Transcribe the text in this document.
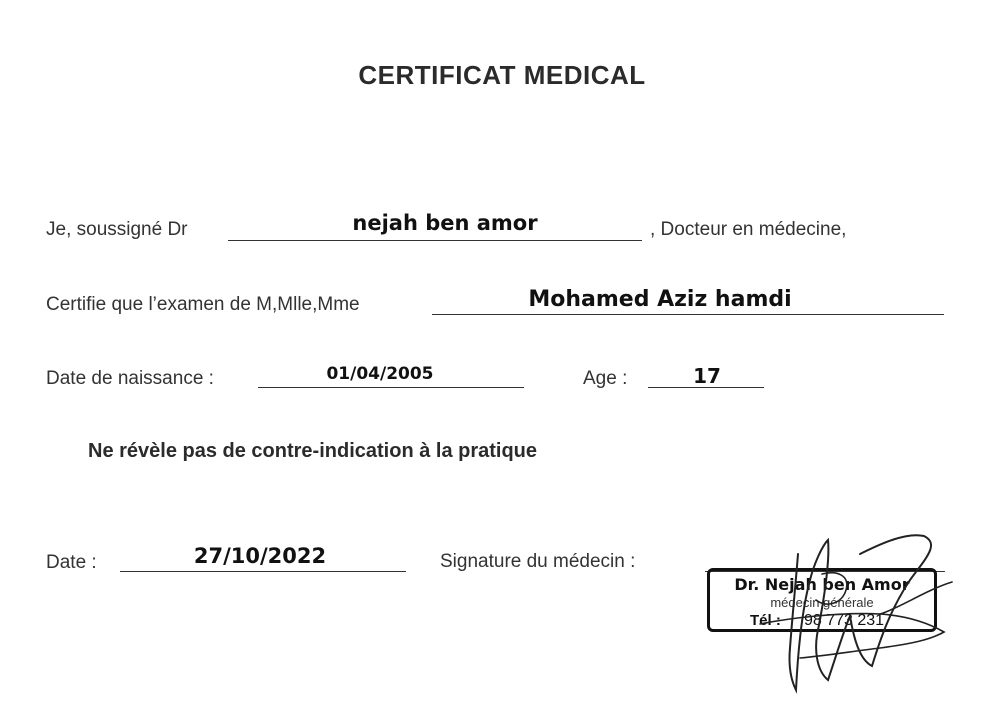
CERTIFICAT MEDICAL
Je, soussigné Dr	nejah ben amor	, Docteur en médecine,
Certifie que l’examen de M,Mlle,Mme	Mohamed Aziz hamdi
Date de naissance :	01/04/2005	Age :	17
Ne révèle pas de contre-indication à la pratique
Date :	27/10/2022	Signature du médecin :
Dr. Nejah ben Amor
médecin générale
Tél : 98 773 231
